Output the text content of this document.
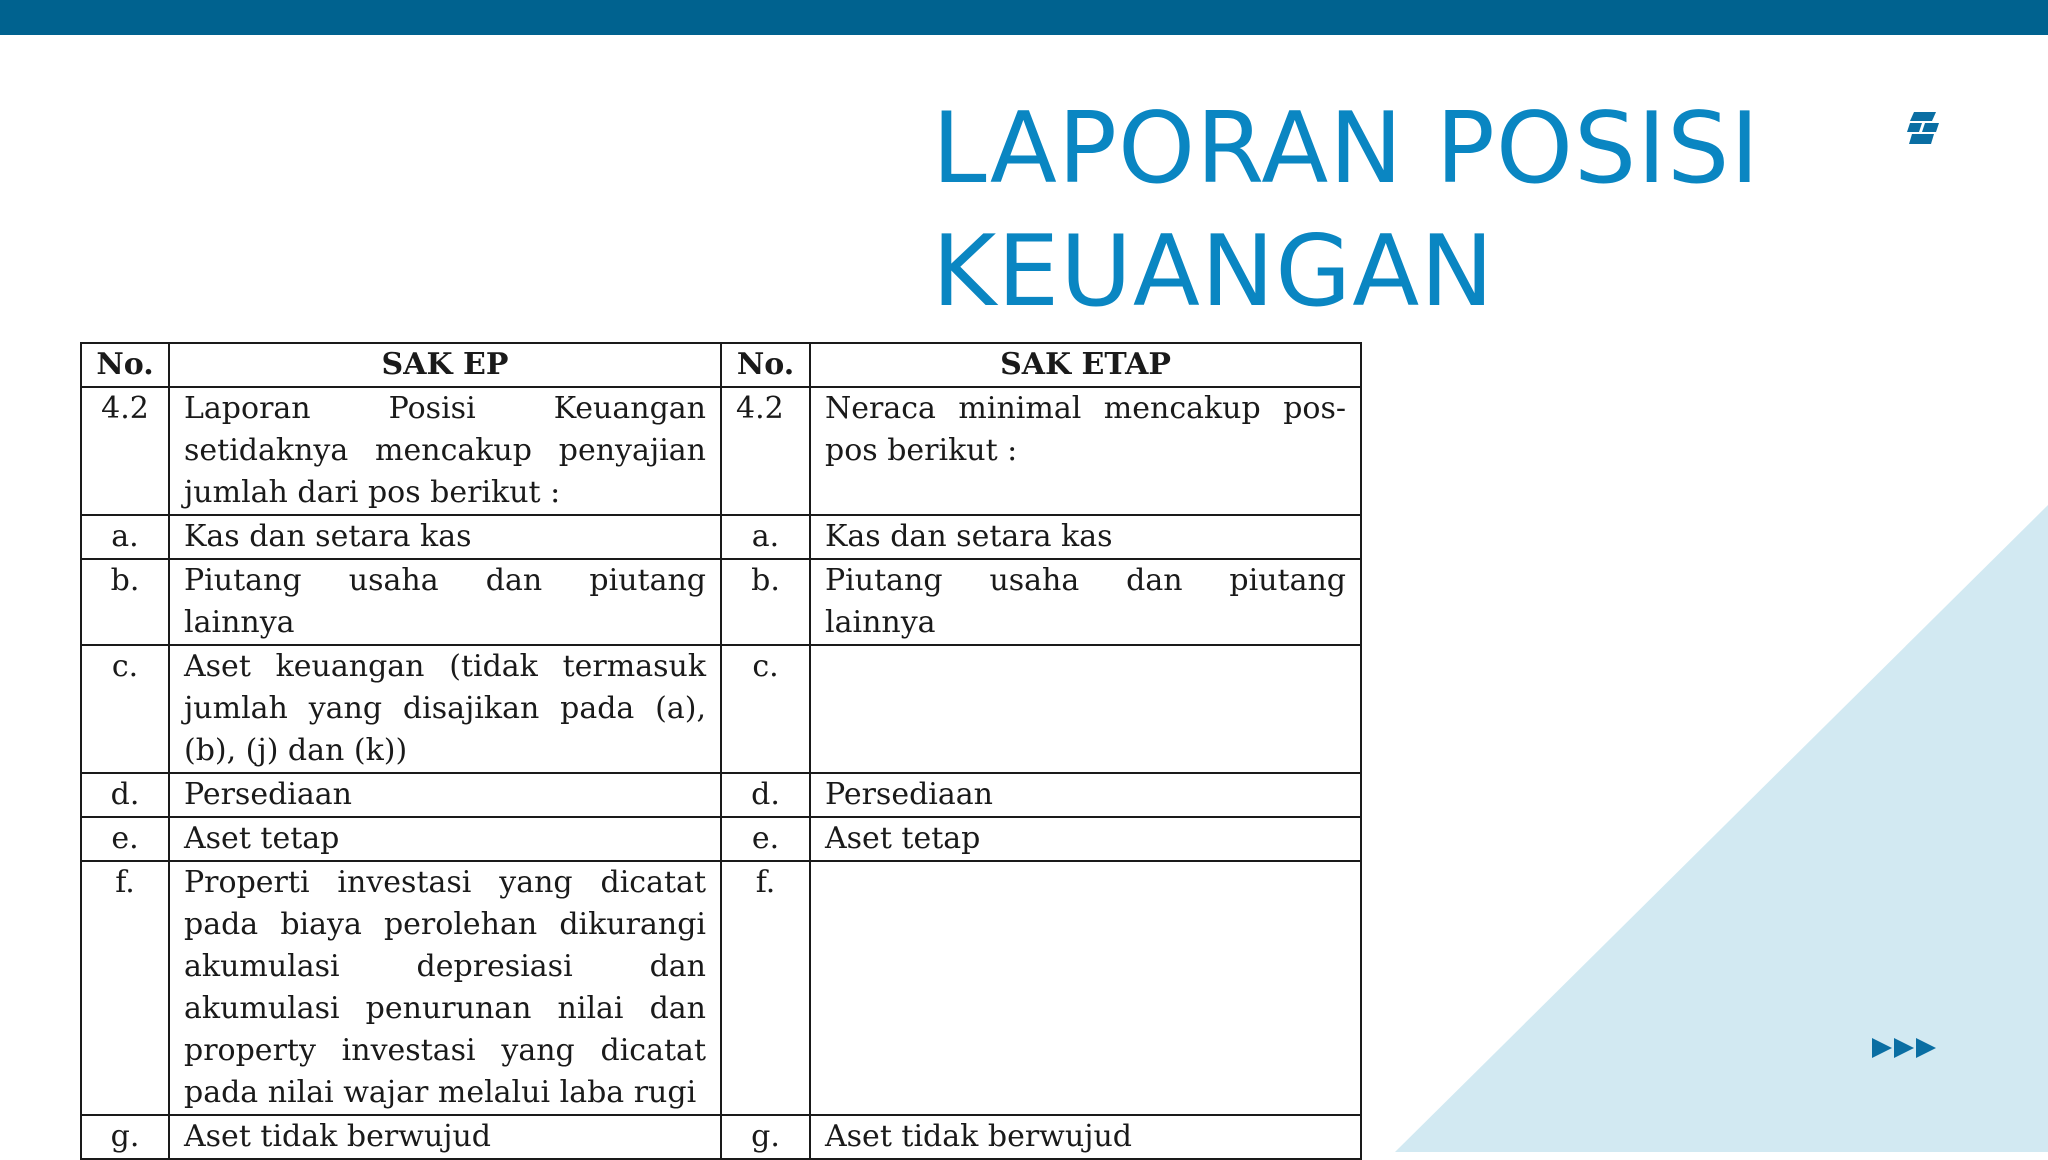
LAPORAN POSISI
KEUANGAN
No.	SAK EP	No.	SAK ETAP
4.2	Laporan Posisi Keuangan setidaknya mencakup penyajian jumlah dari pos berikut :	4.2	Neraca minimal mencakup pos-pos berikut :
a.	Kas dan setara kas	a.	Kas dan setara kas
b.	Piutang usaha dan piutang lainnya	b.	Piutang usaha dan piutang lainnya
c.	Aset keuangan (tidak termasuk jumlah yang disajikan pada (a), (b), (j) dan (k))	c.	
d.	Persediaan	d.	Persediaan
e.	Aset tetap	e.	Aset tetap
f.	Properti investasi yang dicatat pada biaya perolehan dikurangi akumulasi depresiasi dan akumulasi penurunan nilai dan property investasi yang dicatat pada nilai wajar melalui laba rugi	f.	
g.	Aset tidak berwujud	g.	Aset tidak berwujud
